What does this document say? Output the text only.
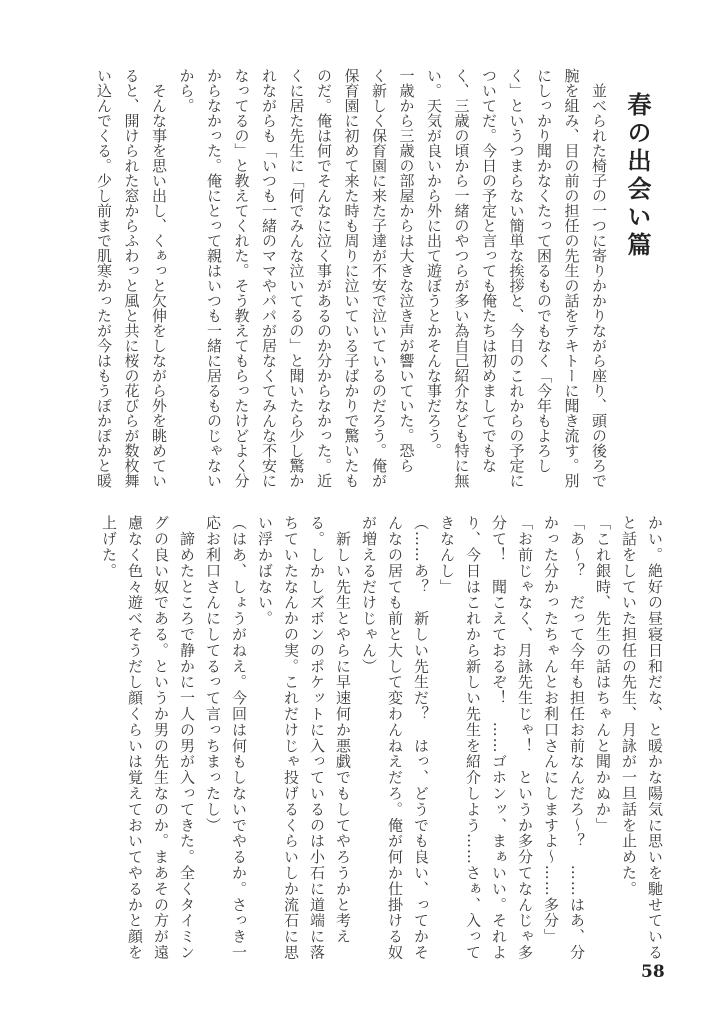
春の出会い篇
　並べられた椅子の一つに寄りかかりながら座り、頭の後ろで
腕を組み、目の前の担任の先生の話をテキトーに聞き流す。別
にしっかり聞かなくたって困るものでもなく「今年もよろし
く」というつまらない簡単な挨拶と、今日のこれからの予定に
ついてだ。今日の予定と言っても俺たちは初めましてでもな
く、三歳の頃から一緒のやつらが多い為自己紹介なども特に無
い。天気が良いから外に出て遊ぼうとかそんな事だろう。
一歳から三歳の部屋からは大きな泣き声が響いていた。恐ら
く新しく保育園に来た子達が不安で泣いているのだろう。俺が
保育園に初めて来た時も周りに泣いている子ばかりで驚いたも
のだ。俺は何でそんなに泣く事があるのか分からなかった。近
くに居た先生に「何でみんな泣いてるの」と聞いたら少し驚か
れながらも「いつも一緒のママやパパが居なくてみんな不安に
なってるの」と教えてくれた。そう教えてもらったけどよく分
からなかった。俺にとって親はいつも一緒に居るものじゃない
から。
　そんな事を思い出し、くぁっと欠伸をしながら外を眺めてい
ると、開けられた窓からふわっと風と共に桜の花びらが数枚舞
い込んでくる。少し前まで肌寒かったが今はもうぽかぽかと暖
かい。絶好の昼寝日和だな、と暖かな陽気に思いを馳せている
と話をしていた担任の先生、月詠が一旦話を止めた。
「これ銀時、先生の話はちゃんと聞かぬか」
「あ〜？　だって今年も担任お前なんだろ〜？　……はあ、分
かった分かったちゃんとお利口さんにしますよ〜……多分」
「お前じゃなく、月詠先生じゃ！　というか多分てなんじゃ多
分て！　聞こえておるぞ！　……ゴホンッ、まぁいい。それよ
り、今日はこれから新しい先生を紹介しよう……さぁ、入って
きなんし」
（……あ？　新しい先生だ？　はっ、どうでも良い、ってかそ
んなの居ても前と大して変わんねえだろ。俺が何か仕掛ける奴
が増えるだけじゃん）
　新しい先生とやらに早速何か悪戯でもしてやろうかと考え
る。しかしズボンのポケットに入っているのは小石に道端に落
ちていたなんかの実。これだけじゃ投げるくらいしか流石に思
い浮かばない。
（はあ、しょうがねえ。今回は何もしないでやるか。さっき一
応お利口さんにしてるって言っちまったし）
　諦めたところで静かに一人の男が入ってきた。全くタイミン
グの良い奴である。というか男の先生なのか。まあその方が遠
慮なく色々遊べそうだし顔くらいは覚えておいてやるかと顔を
上げた。
58
